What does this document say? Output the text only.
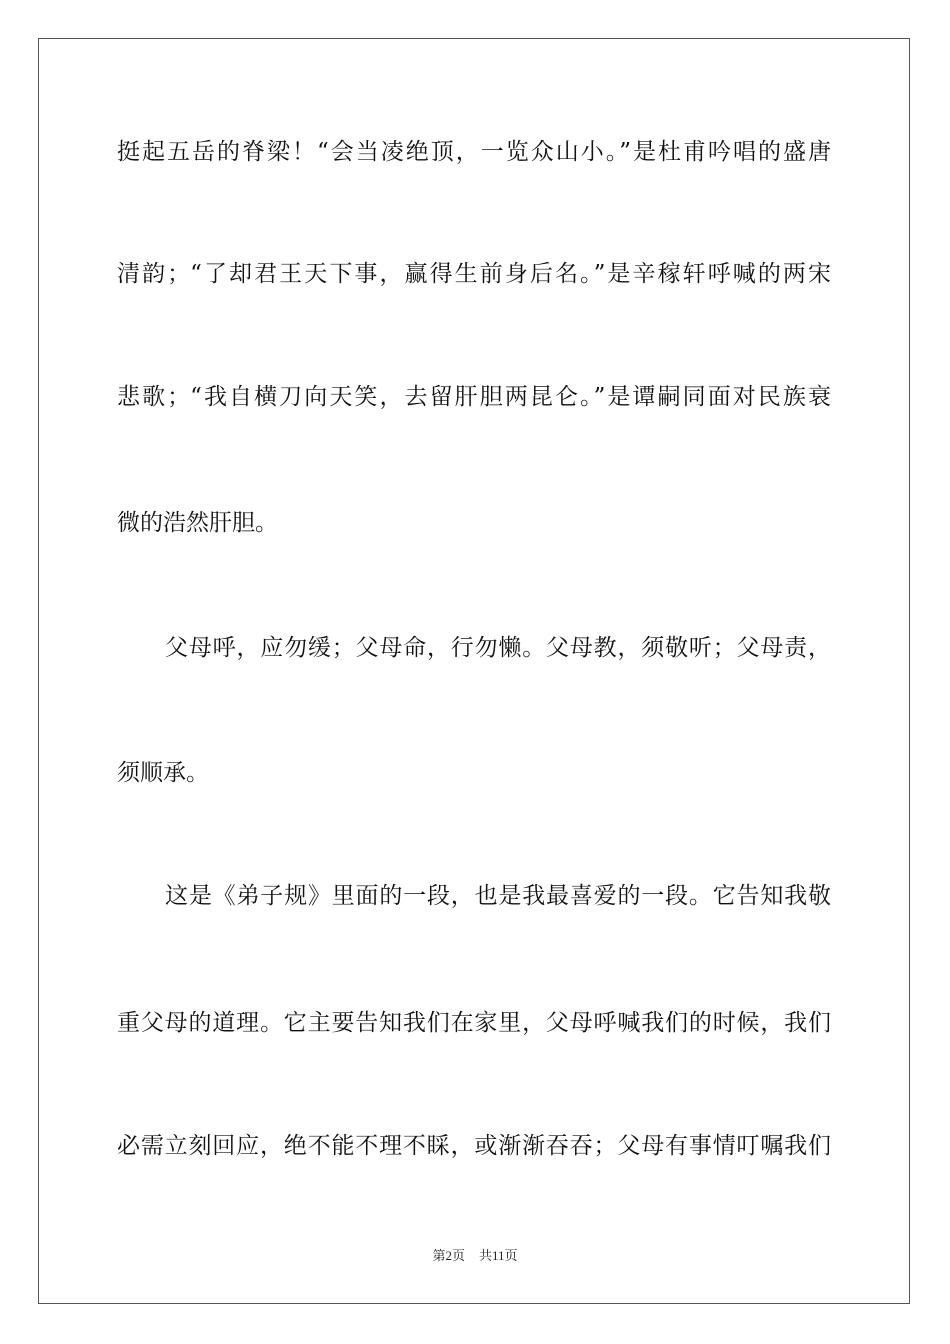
挺起五岳的脊梁！“会当凌绝顶，一览众山小。”是杜甫吟唱的盛唐
清韵；“了却君王天下事，赢得生前身后名。”是辛稼轩呼喊的两宋
悲歌；“我自横刀向天笑，去留肝胆两昆仑。”是谭嗣同面对民族衰
微的浩然肝胆。
父母呼，应勿缓；父母命，行勿懒。父母教，须敬听；父母责，
须顺承。
这是《弟子规》里面的一段，也是我最喜爱的一段。它告知我敬
重父母的道理。它主要告知我们在家里，父母呼喊我们的时候，我们
必需立刻回应，绝不能不理不睬，或渐渐吞吞；父母有事情叮嘱我们
第2页 共11页
